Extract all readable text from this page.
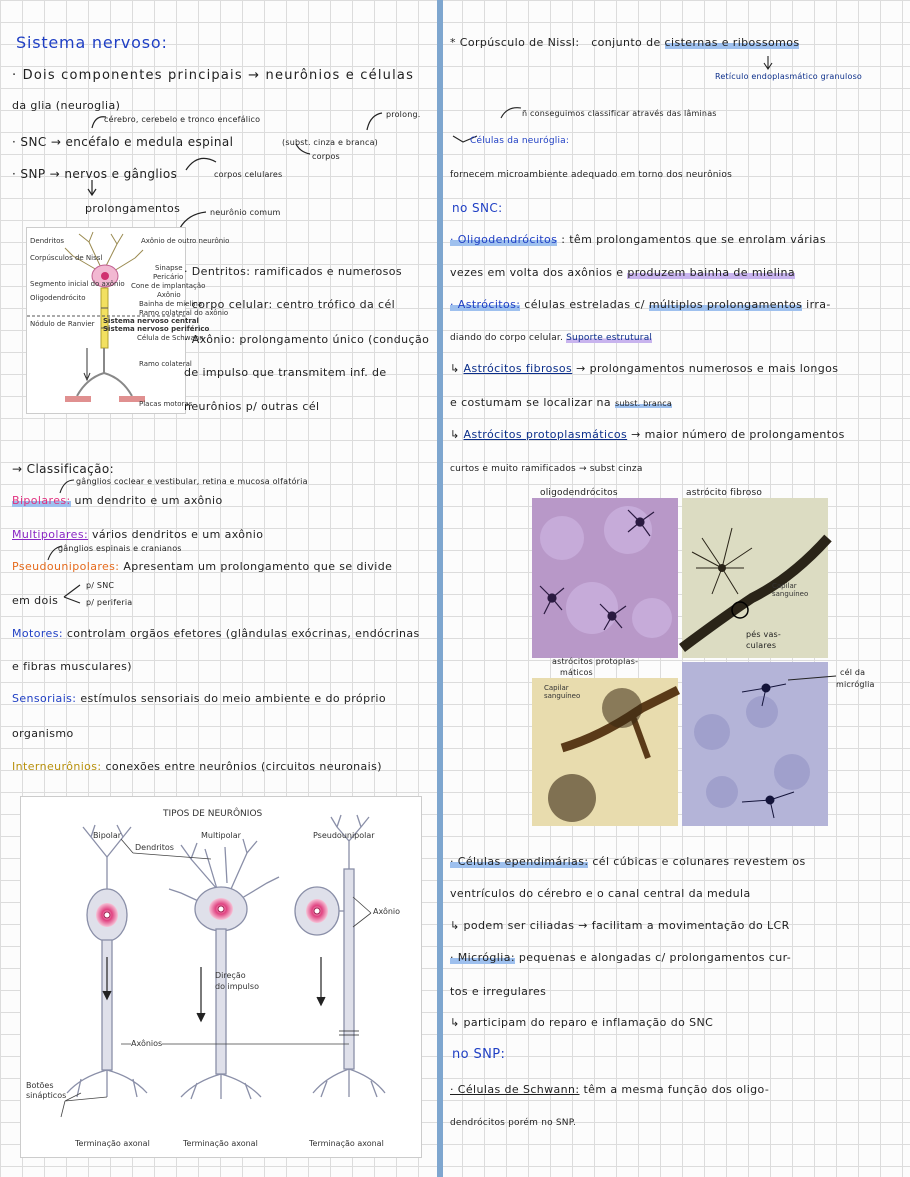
Sistema nervoso:
· Dois componentes principais → neurônios e células
da glia (neuroglia)
cérebro, cerebelo e tronco encefálico
prolong.
· SNC → encéfalo e medula espinal	(subst. cinza e branca)
corpos
· SNP → nervos e gânglios	corpos celulares
prolongamentos	neurônio comum
Dendritos
Corpúsculos de Nissl
Segmento inicial do axônio
Oligodendrócito
Nódulo de Ranvier
Axônio de outro neurônio
Sinapse
Pericário
Cone de implantação
Axônio
Bainha de mielina
Ramo colateral do axônio
Célula de Schwann
Ramo colateral
Placas motoras
Sistema nervoso central
Sistema nervoso periférico
· Dentritos: ramificados e numerosos
· corpo celular: centro trófico da cél
· Axônio: prolongamento único (condução
de impulso que transmitem inf. de
neurônios p/ outras cél
→ Classificação:
gânglios coclear e vestibular, retina e mucosa olfatória
Bipolares: um dendrito e um axônio
Multipolares: vários dendritos e um axônio
gânglios espinais e cranianos
Pseudounipolares: Apresentam um prolongamento que se divide
em dois
p/ SNC
p/ periferia
Motores: controlam orgãos efetores (glândulas exócrinas, endócrinas
e fibras musculares)
Sensoriais: estímulos sensoriais do meio ambiente e do próprio
organismo
Interneurônios: conexões entre neurônios (circuitos neuronais)
TIPOS DE NEURÔNIOS
Bipolar	Multipolar	Pseudounipolar
Dendritos
Axônio
Direção
do impulso
Botões
sinápticos
Axônios
Terminação axonal	Terminação axonal	Terminação axonal
* Corpúsculo de Nissl: conjunto de cisternas e ribossomos
Retículo endoplasmático granuloso
ñ conseguimos classificar através das lâminas
Células da neuróglia:
fornecem microambiente adequado em torno dos neurônios
no SNC:
· Oligodendrócitos : têm prolongamentos que se enrolam várias
vezes em volta dos axônios e produzem bainha de mielina
· Astrócitos: células estreladas c/ múltiplos prolongamentos irra-
diando do corpo celular. Suporte estrutural
↳ Astrócitos fibrosos → prolongamentos numerosos e mais longos
e costumam se localizar na subst. branca
↳ Astrócitos protoplasmáticos → maior número de prolongamentos
curtos e muito ramificados → subst cinza
oligodendrócitos	astrócito fibroso
Capilar
sanguíneo
pés vas-
culares
astrócitos protoplas-
máticos
Capilar
sanguíneo
cél da
micróglia
· Células ependimárias: cél cúbicas e colunares revestem os
ventrículos do cérebro e o canal central da medula
↳ podem ser ciliadas → facilitam a movimentação do LCR
· Micróglia: pequenas e alongadas c/ prolongamentos cur-
tos e irregulares
↳ participam do reparo e inflamação do SNC
no SNP:
· Células de Schwann: têm a mesma função dos oligo-
dendrócitos porém no SNP.
